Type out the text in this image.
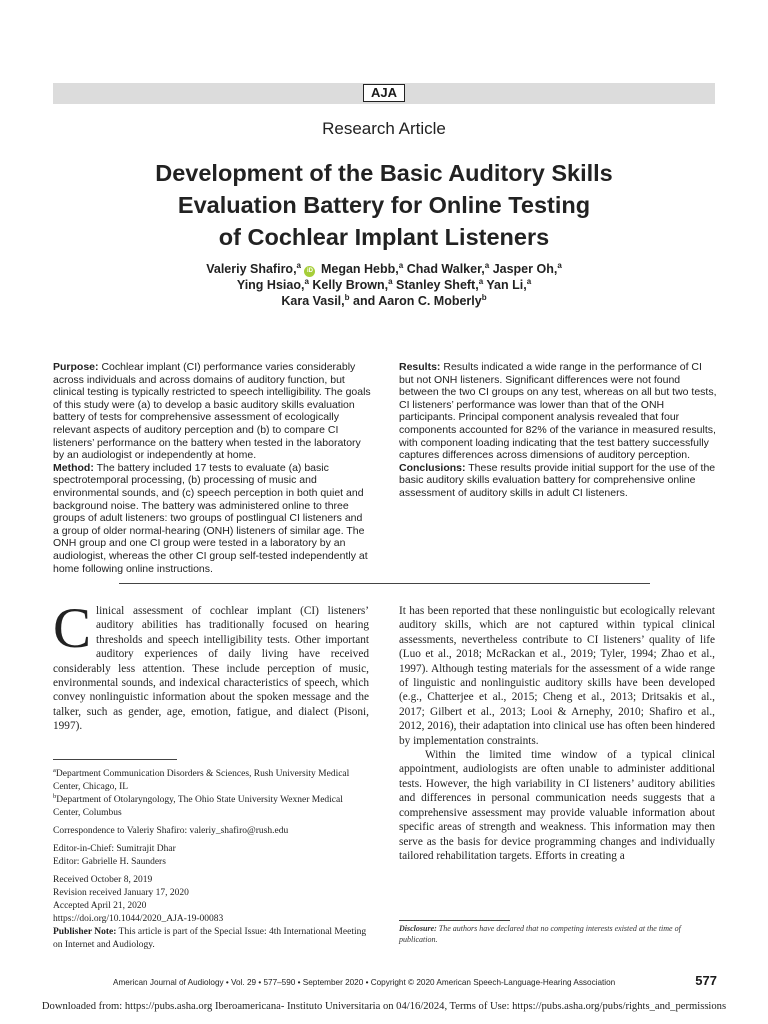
AJA
Research Article
Development of the Basic Auditory Skills
Evaluation Battery for Online Testing
of Cochlear Implant Listeners
Valeriy Shafiro,$^a$ iD Megan Hebb,$^a$ Chad Walker,$^a$ Jasper Oh,$^a$
Ying Hsiao,$^a$ Kelly Brown,$^a$ Stanley Sheft,$^a$ Yan Li,$^a$
Kara Vasil,$^b$ and Aaron C. Moberly$^b$

Purpose: Cochlear implant (CI) performance varies considerably across individuals and across domains of auditory function, but clinical testing is typically restricted to speech intelligibility. The goals of this study were (a) to develop a basic auditory skills evaluation battery of tests for comprehensive assessment of ecologically relevant aspects of auditory perception and (b) to compare CI listeners’ performance on the battery when tested in the laboratory by an audiologist or independently at home.

Method: The battery included 17 tests to evaluate (a) basic spectrotemporal processing, (b) processing of music and environmental sounds, and (c) speech perception in both quiet and background noise. The battery was administered online to three groups of adult listeners: two groups of postlingual CI listeners and a group of older normal-hearing (ONH) listeners of similar age. The ONH group and one CI group were tested in a laboratory by an audiologist, whereas the other CI group self-tested independently at home following online instructions.

Results: Results indicated a wide range in the performance of CI but not ONH listeners. Significant differences were not found between the two CI groups on any test, whereas on all but two tests, CI listeners’ performance was lower than that of the ONH participants. Principal component analysis revealed that four components accounted for 82% of the variance in measured results, with component loading indicating that the test battery successfully captures differences across dimensions of auditory perception.

Conclusions: These results provide initial support for the use of the basic auditory skills evaluation battery for comprehensive online assessment of auditory skills in adult CI listeners.

Clinical assessment of cochlear implant (CI) listeners’ auditory abilities has traditionally focused on hearing thresholds and speech intelligibility tests. Other important auditory experiences of daily living have received considerably less attention. These include perception of music, environmental sounds, and indexical characteristics of speech, which convey nonlinguistic information about the spoken message and the talker, such as gender, age, emotion, fatigue, and dialect (Pisoni, 1997).

$^a$Department Communication Disorders & Sciences, Rush University Medical Center, Chicago, IL

$^b$Department of Otolaryngology, The Ohio State University Wexner Medical Center, Columbus

Correspondence to Valeriy Shafiro: valeriy_shafiro@rush.edu

Editor-in-Chief: Sumitrajit Dhar

Editor: Gabrielle H. Saunders

Received October 8, 2019

Revision received January 17, 2020

Accepted April 21, 2020

https://doi.org/10.1044/2020_AJA-19-00083

Publisher Note: This article is part of the Special Issue: 4th International Meeting on Internet and Audiology.

It has been reported that these nonlinguistic but ecologically relevant auditory skills, which are not captured within typical clinical assessments, nevertheless contribute to CI listeners’ quality of life (Luo et al., 2018; McRackan et al., 2019; Tyler, 1994; Zhao et al., 1997). Although testing materials for the assessment of a wide range of linguistic and nonlinguistic auditory skills have been developed (e.g., Chatterjee et al., 2015; Cheng et al., 2013; Dritsakis et al., 2017; Gilbert et al., 2013; Looi & Arnephy, 2010; Shafiro et al., 2012, 2016), their adaptation into clinical use has often been hindered by implementation constraints.

Within the limited time window of a typical clinical appointment, audiologists are often unable to administer additional tests. However, the high variability in CI listeners’ auditory abilities and differences in personal communication needs suggests that a comprehensive assessment may provide valuable information about specific areas of strength and weakness. This information may then serve as the basis for device programming changes and individually tailored rehabilitation targets. Efforts in creating a

Disclosure: The authors have declared that no competing interests existed at the time of publication.
American Journal of Audiology • Vol. 29 • 577–590 • September 2020 • Copyright © 2020 American Speech-Language-Hearing Association	577
Downloaded from: https://pubs.asha.org Iberoamericana- Instituto Universitaria on 04/16/2024, Terms of Use: https://pubs.asha.org/pubs/rights_and_permissions
